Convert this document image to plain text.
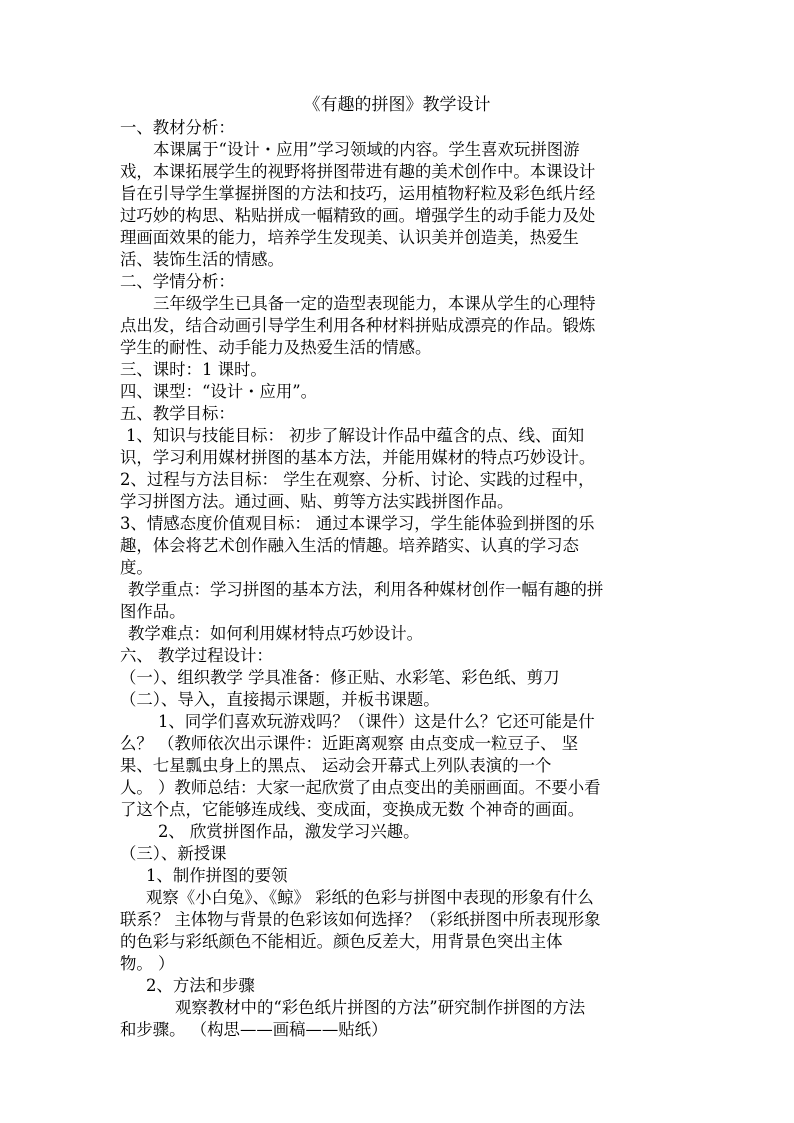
《有趣的拼图》教学设计
一、教材分析：
本课属于“设计・应用”学习领域的内容。学生喜欢玩拼图游
戏，本课拓展学生的视野将拼图带进有趣的美术创作中。本课设计
旨在引导学生掌握拼图的方法和技巧，运用植物籽粒及彩色纸片经
过巧妙的构思、粘贴拼成一幅精致的画。增强学生的动手能力及处
理画面效果的能力，培养学生发现美、认识美并创造美，热爱生
活、装饰生活的情感。
二、学情分析：
三年级学生已具备一定的造型表现能力，本课从学生的心理特
点出发，结合动画引导学生利用各种材料拼贴成漂亮的作品。锻炼
学生的耐性、动手能力及热爱生活的情感。
三、课时：1 课时。
四、课型：“设计・应用”。
五、教学目标：
1、知识与技能目标： 初步了解设计作品中蕴含的点、线、面知
识，学习利用媒材拼图的基本方法，并能用媒材的特点巧妙设计。
2、过程与方法目标： 学生在观察、分析、讨论、实践的过程中，
学习拼图方法。通过画、贴、剪等方法实践拼图作品。
3、情感态度价值观目标： 通过本课学习，学生能体验到拼图的乐
趣，体会将艺术创作融入生活的情趣。培养踏实、认真的学习态
度。
教学重点：学习拼图的基本方法，利用各种媒材创作一幅有趣的拼
图作品。
教学难点：如何利用媒材特点巧妙设计。
六、 教学过程设计：
（一）、组织教学 学具准备：修正贴、水彩笔、彩色纸、剪刀
（二）、导入，直接揭示课题，并板书课题。
1、同学们喜欢玩游戏吗？（课件）这是什么？它还可能是什
么？ （教师依次出示课件：近距离观察 由点变成一粒豆子、 坚
果、七星瓢虫身上的黑点、 运动会开幕式上列队表演的一个
人。 ）教师总结：大家一起欣赏了由点变出的美丽画面。不要小看
了这个点，它能够连成线、变成面，变换成无数 个神奇的画面。
2、 欣赏拼图作品，激发学习兴趣。
（三）、新授课
1、制作拼图的要领
观察《小白兔》、《鲸》 彩纸的色彩与拼图中表现的形象有什么
联系？ 主体物与背景的色彩该如何选择？（彩纸拼图中所表现形象
的色彩与彩纸颜色不能相近。颜色反差大，用背景色突出主体
物。 ）
2、方法和步骤
观察教材中的“彩色纸片拼图的方法”研究制作拼图的方法
和步骤。 （构思——画稿——贴纸）
